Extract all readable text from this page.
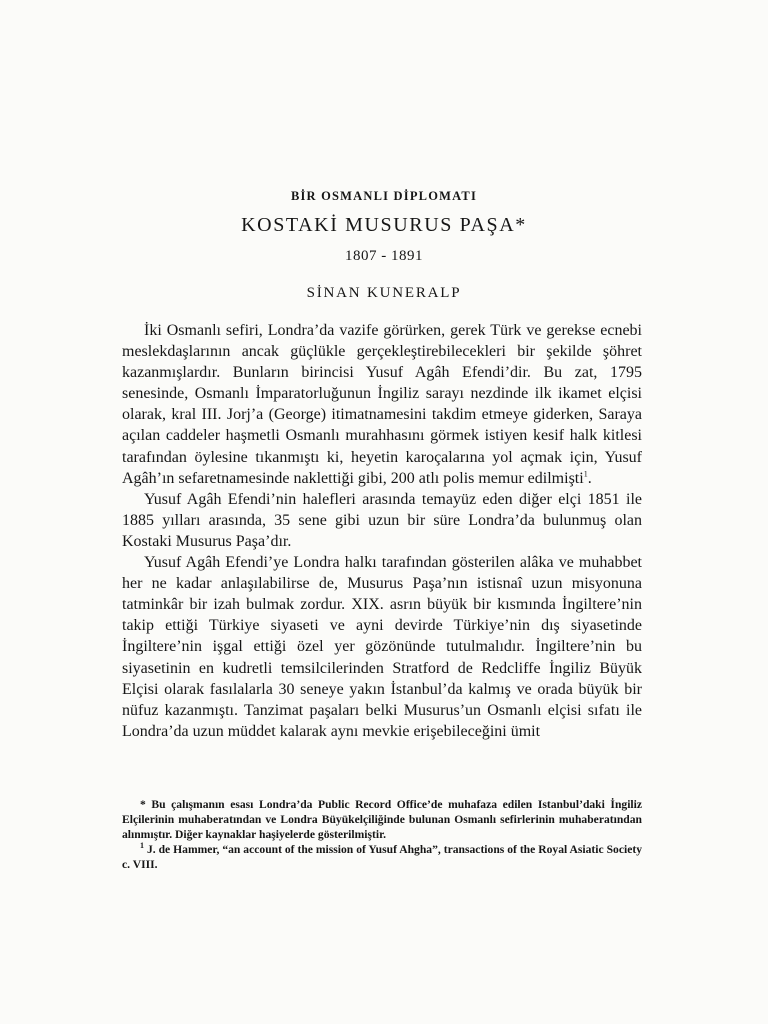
BİR OSMANLI DİPLOMATI
KOSTAKİ MUSURUS PAŞA*
1807 - 1891
SİNAN KUNERALP

İki Osmanlı sefiri, Londra’da vazife görürken, gerek Türk ve gerekse ecnebi meslekdaşlarının ancak güçlükle gerçekleştirebilecekleri bir şekilde şöhret kazanmışlardır. Bunların birincisi Yusuf Agâh Efendi’dir. Bu zat, 1795 senesinde, Osmanlı İmparatorluğunun İngiliz sarayı nezdinde ilk ikamet elçisi olarak, kral III. Jorj’a (George) itimatnamesini takdim etmeye giderken, Saraya açılan caddeler haşmetli Osmanlı murahhasını görmek istiyen kesif halk kitlesi tarafından öylesine tıkanmıştı ki, heyetin karoçalarına yol açmak için, Yusuf Agâh’ın sefaretnamesinde naklettiği gibi, 200 atlı polis memur edilmişti$^1$.

Yusuf Agâh Efendi’nin halefleri arasında temayüz eden diğer elçi 1851 ile 1885 yılları arasında, 35 sene gibi uzun bir süre Londra’da bulunmuş olan Kostaki Musurus Paşa’dır.

Yusuf Agâh Efendi’ye Londra halkı tarafından gösterilen alâka ve muhabbet her ne kadar anlaşılabilirse de, Musurus Paşa’nın istisnaî uzun misyonuna tatminkâr bir izah bulmak zordur. XIX. asrın büyük bir kısmında İngiltere’nin takip ettiği Türkiye siyaseti ve ayni devirde Türkiye’nin dış siyasetinde İngiltere’nin işgal ettiği özel yer gözönünde tutulmalıdır. İngiltere’nin bu siyasetinin en kudretli temsilcilerinden Stratford de Redcliffe İngiliz Büyük Elçisi olarak fasılalarla 30 seneye yakın İstanbul’da kalmış ve orada büyük bir nüfuz kazanmıştı. Tanzimat paşaları belki Musurus’un Osmanlı elçisi sıfatı ile Londra’da uzun müddet kalarak aynı mevkie erişebileceğini ümit

* Bu çalışmanın esası Londra’da Public Record Office’de muhafaza edilen Istanbul’daki İngiliz Elçilerinin muhaberatından ve Londra Büyükelçiliğinde bulunan Osmanlı sefirlerinin muhaberatından alınmıştır. Diğer kaynaklar haşiyelerde gösterilmiştir.

$^1$ J. de Hammer, “an account of the mission of Yusuf Ahgha”, transactions of the Royal Asiatic Society c. VIII.
